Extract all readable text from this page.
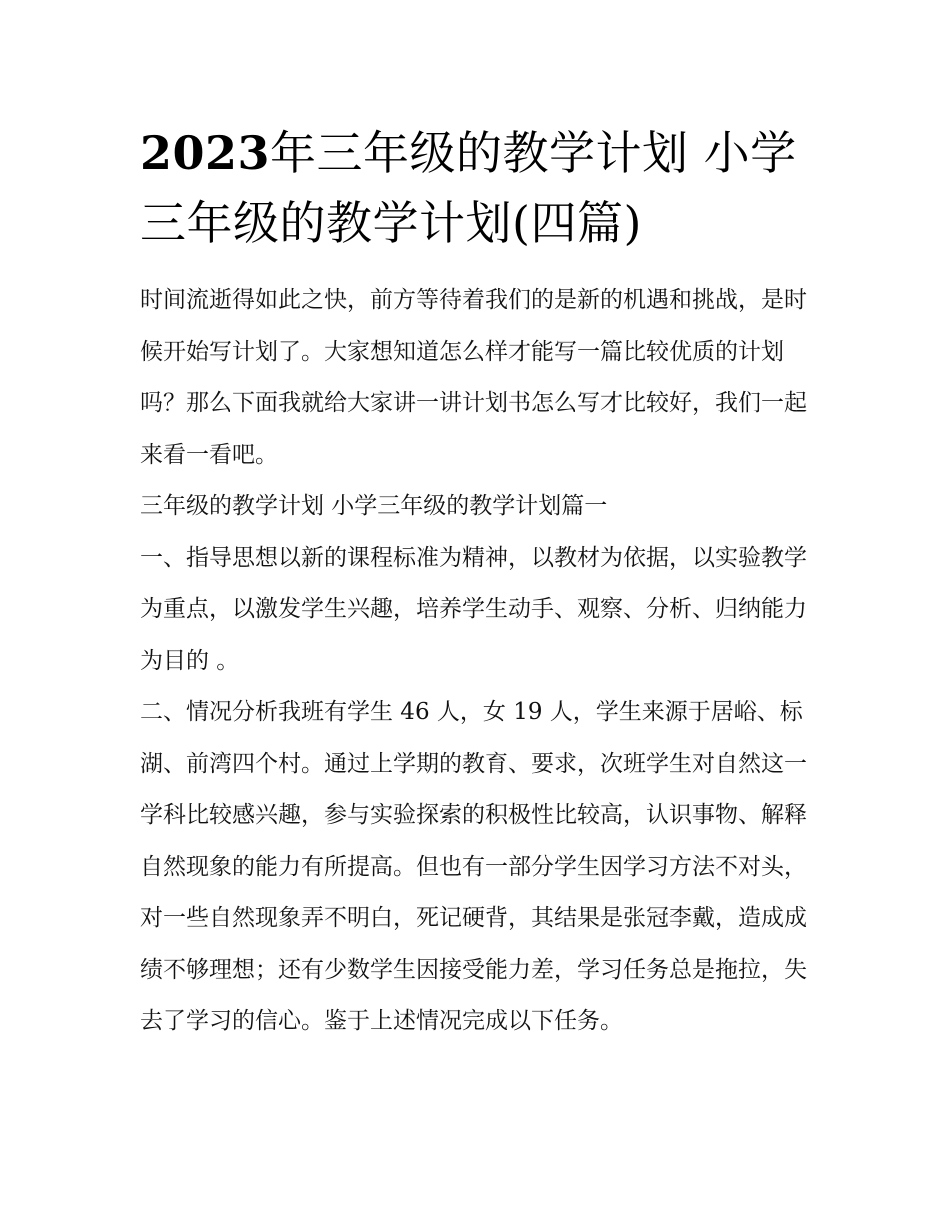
2023年三年级的教学计划 小学三年级的教学计划(四篇)

时间流逝得如此之快，前方等待着我们的是新的机遇和挑战，是时候开始写计划了。大家想知道怎么样才能写一篇比较优质的计划吗？那么下面我就给大家讲一讲计划书怎么写才比较好，我们一起来看一看吧。

三年级的教学计划 小学三年级的教学计划篇一

一、指导思想以新的课程标准为精神，以教材为依据，以实验教学为重点，以激发学生兴趣，培养学生动手、观察、分析、归纳能力为目的 。

二、情况分析我班有学生 46 人，女 19 人，学生来源于居峪、标湖、前湾四个村。通过上学期的教育、要求，次班学生对自然这一学科比较感兴趣，参与实验探索的积极性比较高，认识事物、解释自然现象的能力有所提高。但也有一部分学生因学习方法不对头，对一些自然现象弄不明白，死记硬背，其结果是张冠李戴，造成成绩不够理想；还有少数学生因接受能力差，学习任务总是拖拉，失去了学习的信心。鉴于上述情况完成以下任务。
